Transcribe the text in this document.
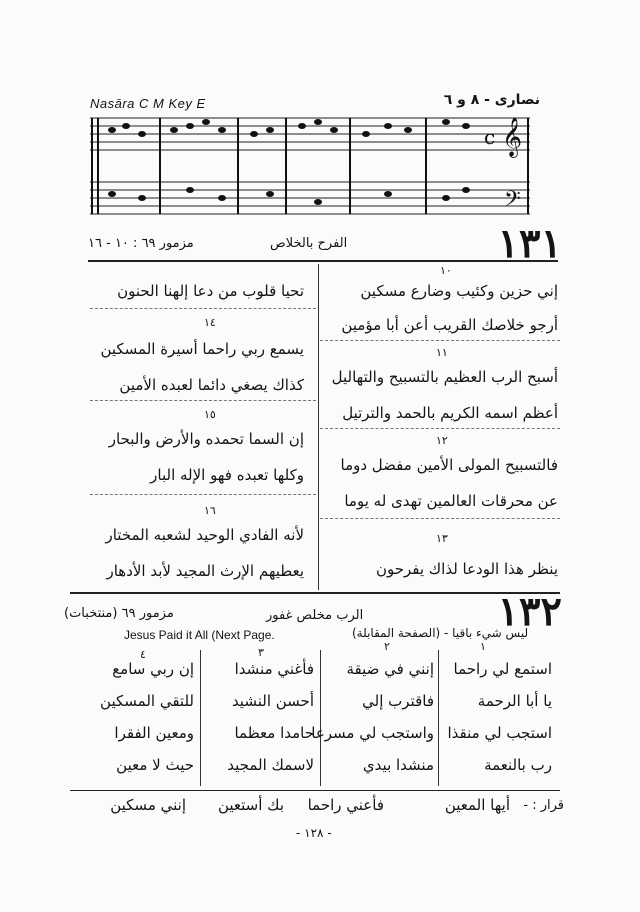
Nasāra C M Key E	نصارى - ٨ و ٦
𝄞
c
𝄢
١٣١
الفرح بالخلاص
مزمور ٦٩ : ١٠ - ١٦
١٠
إني حزين وكئيب وضارع مسكين
أرجو خلاصك القريب أعن أبا مؤمين
١١
أسبح الرب العظيم بالتسبيح والتهاليل
أعظم اسمه الكريم بالحمد والترتيل
١٢
فالتسبيح المولى الأمين مفضل دوما
عن محرقات العالمين تهدى له يوما
١٣
ينظر هذا الودعا لذاك يفرحون
تحيا قلوب من دعا إلهنا الحنون
١٤
يسمع ربي راحما أسيرة المسكين
كذاك يصغي دائما لعبده الأمين
١٥
إن السما تحمده والأرض والبحار
وكلها تعبده فهو الإله البار
١٦
لأنه الفادي الوحيد لشعبه المختار
يعطيهم الإرث المجيد لأبد الأدهار
١٣٢
الرب مخلص غفور
مزمور ٦٩ (منتخبات)
ليس شيء باقيا - (الصفحة المقابلة)
Jesus Paid it All (Next Page.
١
٢
٣
٤
استمع لي راحما
يا أبا الرحمة
استجب لي منقذا
رب بالنعمة
إنني في ضيقة
فاقترب إلي
واستجب لي مسرعا
منشدا بيدي
فأغني منشدا
أحسن النشيد
حامدا معظما
لاسمك المجيد
إن ربي سامع
للتقي المسكين
ومعين الفقرا
حيث لا معين
قرار : -
أيها المعين
فأعني راحما
بك أستعين
إنني مسكين
- ١٢٨ -
